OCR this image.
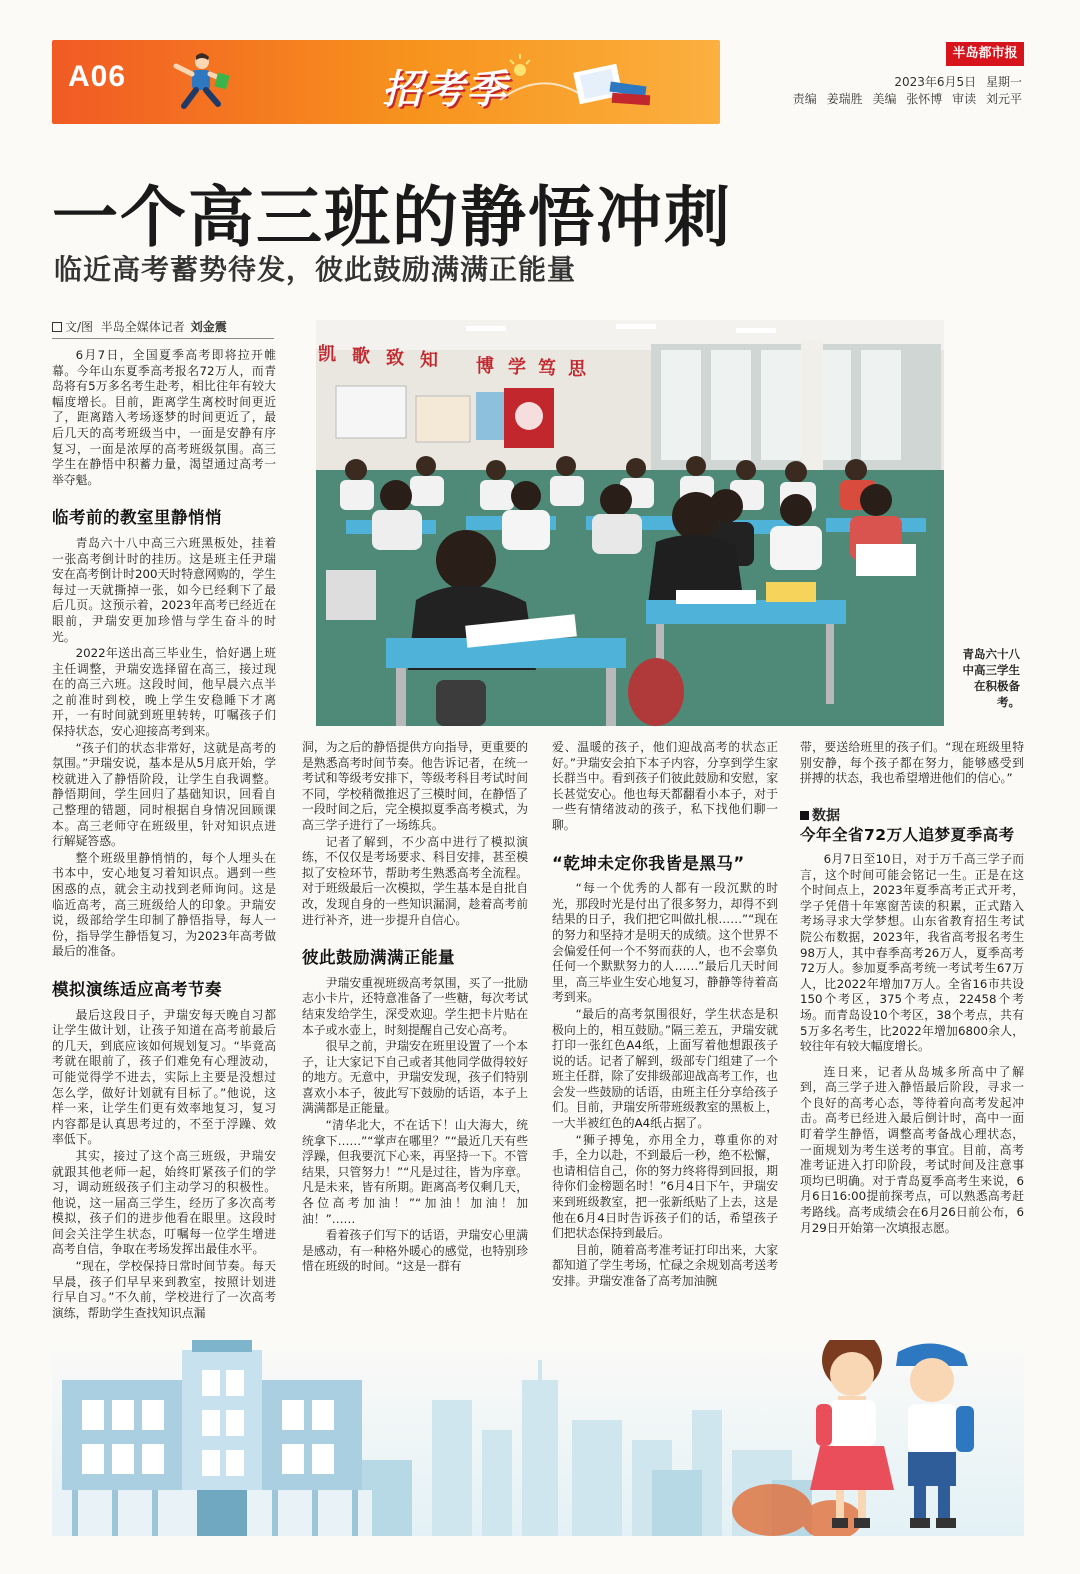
A06	招考季
半岛都市报
2023年6月5日 星期一
责编 姜瑞胜 美编 张怀博 审读 刘元平
一个高三班的静悟冲刺
临近高考蓄势待发，彼此鼓励满满正能量
文/图 半岛全媒体记者 刘金震
凯 歌 致 知 博 学 笃 思
青岛六十八中高三学生在积极备考。

6月7日，全国夏季高考即将拉开帷幕。今年山东夏季高考报名72万人，而青岛将有5万多名考生赴考，相比往年有较大幅度增长。目前，距离学生离校时间更近了，距离踏入考场逐梦的时间更近了，最后几天的高考班级当中，一面是安静有序复习，一面是浓厚的高考班级氛围。高三学生在静悟中积蓄力量，渴望通过高考一举夺魁。

临考前的教室里静悄悄

青岛六十八中高三六班黑板处，挂着一张高考倒计时的挂历。这是班主任尹瑞安在高考倒计时200天时特意网购的，学生每过一天就撕掉一张，如今已经剩下了最后几页。这预示着，2023年高考已经近在眼前，尹瑞安更加珍惜与学生奋斗的时光。

2022年送出高三毕业生，恰好遇上班主任调整，尹瑞安选择留在高三，接过现在的高三六班。这段时间，他早晨六点半之前准时到校，晚上学生安稳睡下才离开，一有时间就到班里转转，叮嘱孩子们保持状态，安心迎接高考到来。

“孩子们的状态非常好，这就是高考的氛围。”尹瑞安说，基本是从5月底开始，学校就进入了静悟阶段，让学生自我调整。静悟期间，学生回归了基础知识，回看自己整理的错题，同时根据自身情况回顾课本。高三老师守在班级里，针对知识点进行解疑答惑。

整个班级里静悄悄的，每个人埋头在书本中，安心地复习着知识点。遇到一些困惑的点，就会主动找到老师询问。这是临近高考，高三班级给人的印象。尹瑞安说，级部给学生印制了静悟指导，每人一份，指导学生静悟复习，为2023年高考做最后的准备。

模拟演练适应高考节奏

最后这段日子，尹瑞安每天晚自习都让学生做计划，让孩子知道在高考前最后的几天，到底应该如何规划复习。“毕竟高考就在眼前了，孩子们难免有心理波动，可能觉得学不进去，实际上主要是没想过怎么学，做好计划就有目标了。”他说，这样一来，让学生们更有效率地复习，复习内容都是认真思考过的，不至于浮躁、效率低下。

其实，接过了这个高三班级，尹瑞安就跟其他老师一起，始终盯紧孩子们的学习，调动班级孩子们主动学习的积极性。他说，这一届高三学生，经历了多次高考模拟，孩子们的进步他看在眼里。这段时间会关注学生状态，叮嘱每一位学生增进高考自信，争取在考场发挥出最佳水平。

“现在，学校保持日常时间节奏。每天早晨，孩子们早早来到教室，按照计划进行早自习。”不久前，学校进行了一次高考演练，帮助学生查找知识点漏

洞，为之后的静悟提供方向指导，更重要的是熟悉高考时间节奏。他告诉记者，在统一考试和等级考安排下，等级考科目考试时间不同，学校稍微推迟了三模时间，在静悟了一段时间之后，完全模拟夏季高考模式，为高三学子进行了一场练兵。

记者了解到，不少高中进行了模拟演练，不仅仅是考场要求、科目安排，甚至模拟了安检环节，帮助考生熟悉高考全流程。对于班级最后一次模拟，学生基本是自批自改，发现自身的一些知识漏洞，趁着高考前进行补齐，进一步提升自信心。

彼此鼓励满满正能量

尹瑞安重视班级高考氛围，买了一批励志小卡片，还特意准备了一些糖，每次考试结束发给学生，深受欢迎。学生把卡片贴在本子或水壶上，时刻提醒自己安心高考。

很早之前，尹瑞安在班里设置了一个本子，让大家记下自己或者其他同学做得较好的地方。无意中，尹瑞安发现，孩子们特别喜欢小本子，彼此写下鼓励的话语，本子上满满都是正能量。

“清华北大，不在话下！山大海大，统统拿下……”“掌声在哪里？”“最近几天有些浮躁，但我要沉下心来，再坚持一下。不管结果，只管努力！”“凡是过往，皆为序章。凡是未来，皆有所期。距离高考仅剩几天，各位高考加油！”“加油！加油！加油！”……

看着孩子们写下的话语，尹瑞安心里满是感动，有一种格外暖心的感觉，也特别珍惜在班级的时间。“这是一群有

爱、温暖的孩子，他们迎战高考的状态正好。”尹瑞安会拍下本子内容，分享到学生家长群当中。看到孩子们彼此鼓励和安慰，家长甚觉安心。他也每天都翻看小本子，对于一些有情绪波动的孩子，私下找他们聊一聊。

“乾坤未定你我皆是黑马”

“每一个优秀的人都有一段沉默的时光，那段时光是付出了很多努力，却得不到结果的日子，我们把它叫做扎根……”“现在的努力和坚持才是明天的成绩。这个世界不会偏爱任何一个不努而获的人，也不会辜负任何一个默默努力的人……”最后几天时间里，高三毕业生安心地复习，静静等待着高考到来。

“最后的高考氛围很好，学生状态是积极向上的，相互鼓励。”隔三差五，尹瑞安就打印一张红色A4纸，上面写着他想跟孩子说的话。记者了解到，级部专门组建了一个班主任群，除了安排级部迎战高考工作，也会发一些鼓励的话语，由班主任分享给孩子们。目前，尹瑞安所带班级教室的黑板上，一大半被红色的A4纸占据了。

“狮子搏兔，亦用全力，尊重你的对手，全力以赴，不到最后一秒，绝不松懈，也请相信自己，你的努力终将得到回报，期待你们金榜题名时！”6月4日下午，尹瑞安来到班级教室，把一张新纸贴了上去，这是他在6月4日时告诉孩子们的话，希望孩子们把状态保持到最后。

目前，随着高考准考证打印出来，大家都知道了学生考场，忙碌之余规划高考送考安排。尹瑞安准备了高考加油腕

带，要送给班里的孩子们。“现在班级里特别安静，每个孩子都在努力，能够感受到拼搏的状态，我也希望增进他们的信心。”

数据
今年全省72万人追梦夏季高考

6月7日至10日，对于万千高三学子而言，这个时间可能会铭记一生。正是在这个时间点上，2023年夏季高考正式开考，学子凭借十年寒窗苦读的积累，正式踏入考场寻求大学梦想。山东省教育招生考试院公布数据，2023年，我省高考报名考生98万人，其中春季高考26万人，夏季高考72万人。参加夏季高考统一考试考生67万人，比2022年增加7万人。全省16市共设150个考区，375个考点，22458个考场。而青岛设10个考区，38个考点，共有5万多名考生，比2022年增加6800余人，较往年有较大幅度增长。

连日来，记者从岛城多所高中了解到，高三学子进入静悟最后阶段，寻求一个良好的高考心态，等待着向高考发起冲击。高考已经进入最后倒计时，高中一面盯着学生静悟，调整高考备战心理状态，一面规划为考生送考的事宜。目前，高考准考证进入打印阶段，考试时间及注意事项均已明确。对于青岛夏季高考生来说，6月6日16:00提前探考点，可以熟悉高考赶考路线。高考成绩会在6月26日前公布，6月29日开始第一次填报志愿。
